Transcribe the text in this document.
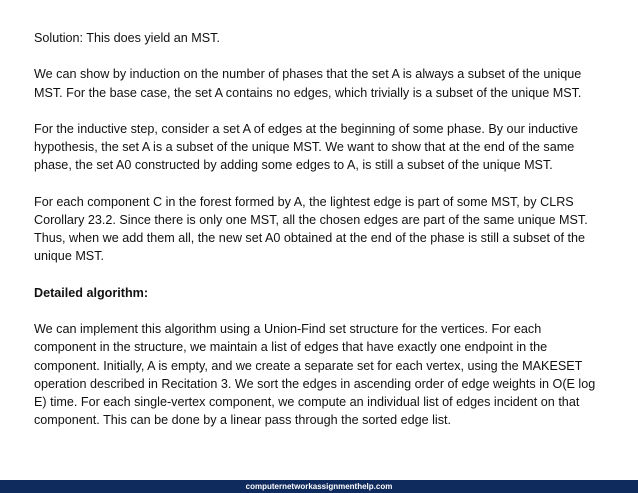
Solution: This does yield an MST.

We can show by induction on the number of phases that the set A is always a subset of the unique MST. For the base case, the set A contains no edges, which trivially is a subset of the unique MST.

For the inductive step, consider a set A of edges at the beginning of some phase. By our inductive hypothesis, the set A is a subset of the unique MST. We want to show that at the end of the same phase, the set A0 constructed by adding some edges to A, is still a subset of the unique MST.

For each component C in the forest formed by A, the lightest edge is part of some MST, by CLRS Corollary 23.2. Since there is only one MST, all the chosen edges are part of the same unique MST. Thus, when we add them all, the new set A0 obtained at the end of the phase is still a subset of the unique MST.

Detailed algorithm:

We can implement this algorithm using a Union-Find set structure for the vertices. For each component in the structure, we maintain a list of edges that have exactly one endpoint in the component. Initially, A is empty, and we create a separate set for each vertex, using the MAKESET operation described in Recitation 3. We sort the edges in ascending order of edge weights in O(E log E) time. For each single-vertex component, we compute an individual list of edges incident on that component. This can be done by a linear pass through the sorted edge list.

computernetworkassignmenthelp.com
